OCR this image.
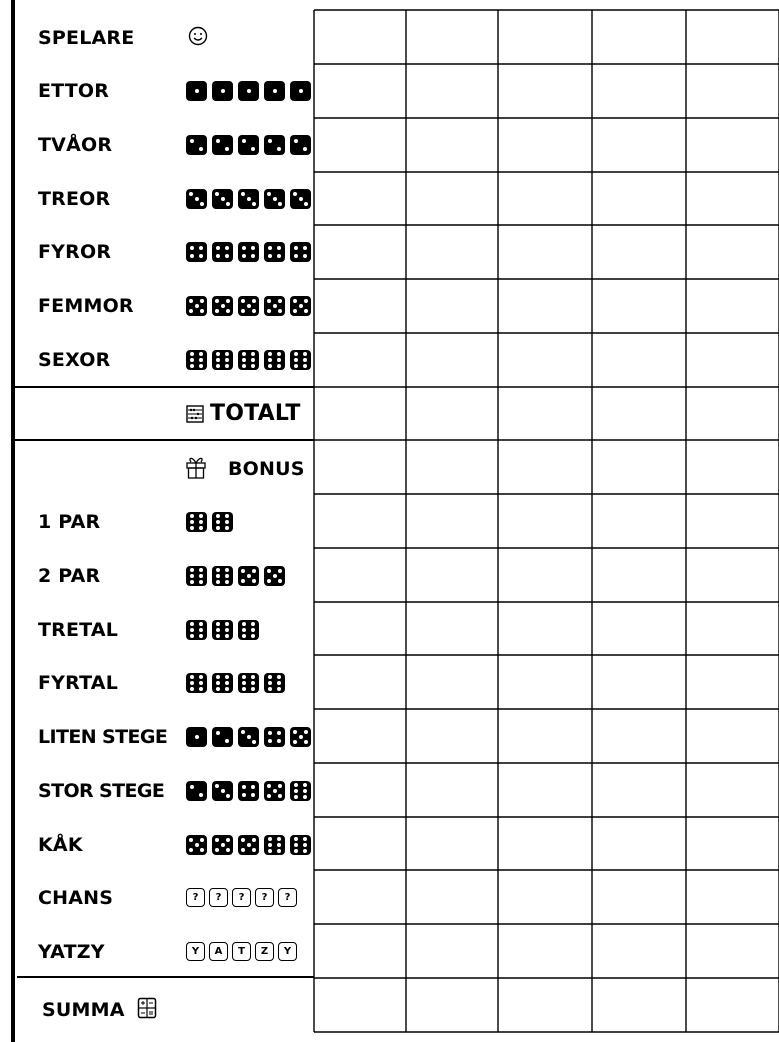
SPELARE
ETTOR
TVÅOR
TREOR
FYROR
FEMMOR
SEXOR
TOTALT
BONUS
1 PAR
2 PAR
TRETAL
FYRTAL
LITEN STEGE
STOR STEGE
KÅK
CHANS	?	?	?	?	?
YATZY	Y	A	T	Z	Y
SUMMA
